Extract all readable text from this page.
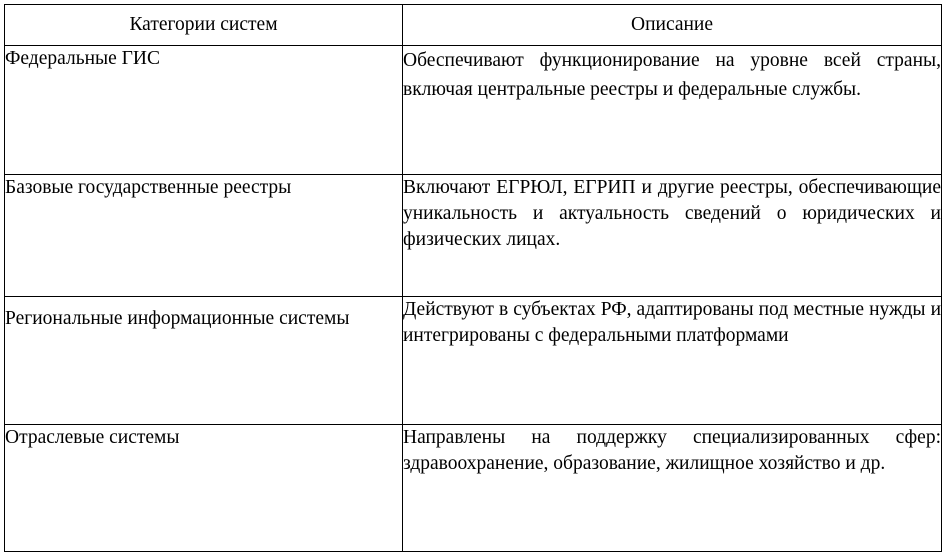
Категории систем	Описание

Федеральные ГИС	Обеспечивают функционирование на уровне всей страны, включая центральные реестры и федеральные службы.

Базовые государственные реестры	Включают ЕГРЮЛ, ЕГРИП и другие реестры, обеспечивающие уникальность и актуальность сведений о юридических и физических лицах.

Региональные информационные системы	Действуют в субъектах РФ, адаптированы под местные нужды и интегрированы с федеральными платформами

Отраслевые системы	Направлены на поддержку специализированных сфер: здравоохранение, образование, жилищное хозяйство и др.
